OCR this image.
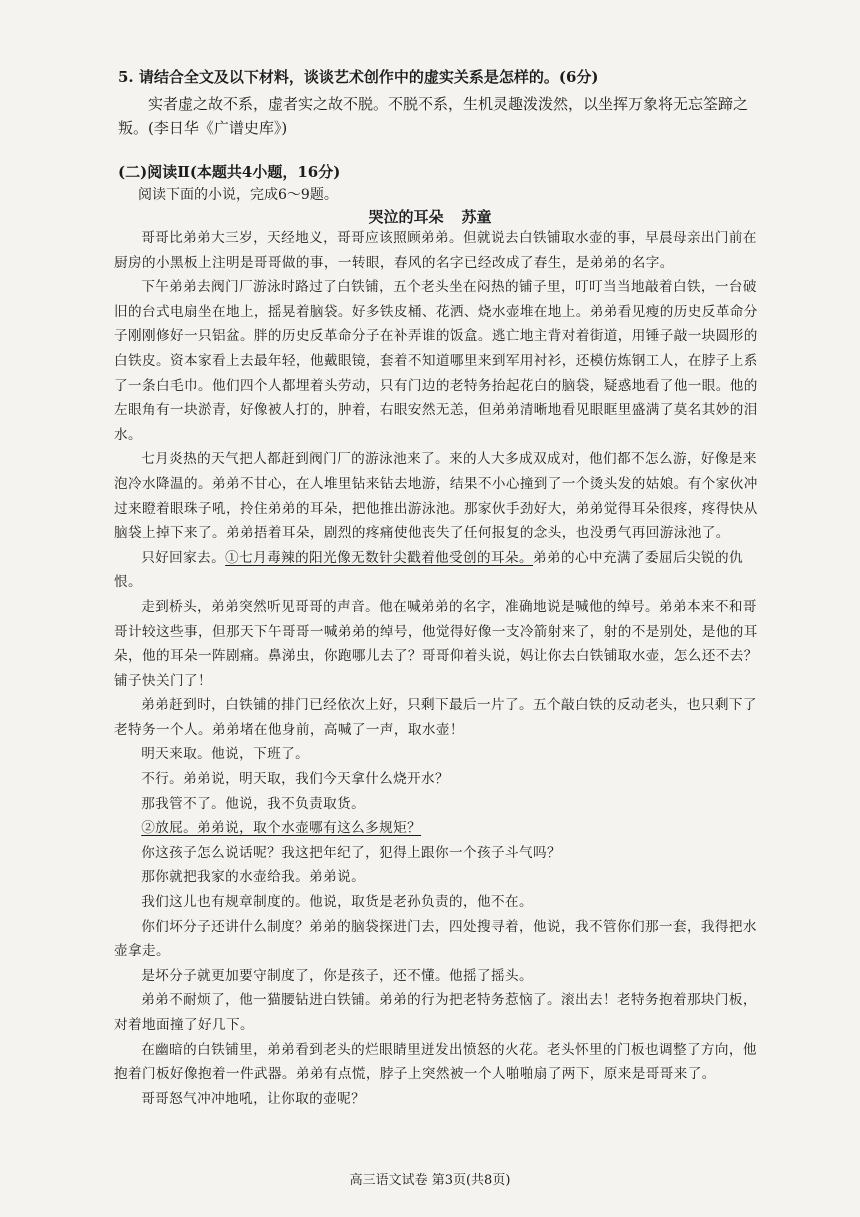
5. 请结合全文及以下材料，谈谈艺术创作中的虚实关系是怎样的。(6分)
实者虚之故不系，虚者实之故不脱。不脱不系，生机灵趣泼泼然，以坐挥万象将无忘筌蹄之叛。(李日华《广谱史库》)
(二)阅读Ⅱ(本题共4小题，16分)
阅读下面的小说，完成6～9题。
哭泣的耳朵 苏童

哥哥比弟弟大三岁，天经地义，哥哥应该照顾弟弟。但就说去白铁铺取水壶的事，早晨母亲出门前在厨房的小黑板上注明是哥哥做的事，一转眼，春风的名字已经改成了春生，是弟弟的名字。

下午弟弟去阀门厂游泳时路过了白铁铺，五个老头坐在闷热的铺子里，叮叮当当地敲着白铁，一台破旧的台式电扇坐在地上，摇晃着脑袋。好多铁皮桶、花洒、烧水壶堆在地上。弟弟看见瘦的历史反革命分子刚刚修好一只铝盆。胖的历史反革命分子在补弄谁的饭盒。逃亡地主背对着街道，用锤子敲一块圆形的白铁皮。资本家看上去最年轻，他戴眼镜，套着不知道哪里来到军用衬衫，还模仿炼钢工人，在脖子上系了一条白毛巾。他们四个人都埋着头劳动，只有门边的老特务抬起花白的脑袋，疑惑地看了他一眼。他的左眼角有一块淤青，好像被人打的，肿着，右眼安然无恙，但弟弟清晰地看见眼眶里盛满了莫名其妙的泪水。

七月炎热的天气把人都赶到阀门厂的游泳池来了。来的人大多成双成对，他们都不怎么游，好像是来泡冷水降温的。弟弟不甘心，在人堆里钻来钻去地游，结果不小心撞到了一个烫头发的姑娘。有个家伙冲过来瞪着眼珠子吼，拎住弟弟的耳朵，把他推出游泳池。那家伙手劲好大，弟弟觉得耳朵很疼，疼得快从脑袋上掉下来了。弟弟捂着耳朵，剧烈的疼痛使他丧失了任何报复的念头，也没勇气再回游泳池了。

只好回家去。①七月毒辣的阳光像无数针尖戳着他受创的耳朵。弟弟的心中充满了委屈后尖锐的仇恨。

走到桥头，弟弟突然听见哥哥的声音。他在喊弟弟的名字，准确地说是喊他的绰号。弟弟本来不和哥哥计较这些事，但那天下午哥哥一喊弟弟的绰号，他觉得好像一支冷箭射来了，射的不是别处，是他的耳朵，他的耳朵一阵剧痛。鼻涕虫，你跑哪儿去了？哥哥仰着头说，妈让你去白铁铺取水壶，怎么还不去？铺子快关门了！

弟弟赶到时，白铁铺的排门已经依次上好，只剩下最后一片了。五个敲白铁的反动老头，也只剩下了老特务一个人。弟弟堵在他身前，高喊了一声，取水壶！

明天来取。他说，下班了。

不行。弟弟说，明天取，我们今天拿什么烧开水？

那我管不了。他说，我不负责取货。

②放屁。弟弟说，取个水壶哪有这么多规矩？

你这孩子怎么说话呢？我这把年纪了，犯得上跟你一个孩子斗气吗？

那你就把我家的水壶给我。弟弟说。

我们这儿也有规章制度的。他说，取货是老孙负责的，他不在。

你们坏分子还讲什么制度？弟弟的脑袋探进门去，四处搜寻着，他说，我不管你们那一套，我得把水壶拿走。

是坏分子就更加要守制度了，你是孩子，还不懂。他摇了摇头。

弟弟不耐烦了，他一猫腰钻进白铁铺。弟弟的行为把老特务惹恼了。滚出去！老特务抱着那块门板，对着地面撞了好几下。

在幽暗的白铁铺里，弟弟看到老头的烂眼睛里迸发出愤怒的火花。老头怀里的门板也调整了方向，他抱着门板好像抱着一件武器。弟弟有点慌，脖子上突然被一个人啪啪扇了两下，原来是哥哥来了。

哥哥怒气冲冲地吼，让你取的壶呢？

高三语文试卷 第3页(共8页)
